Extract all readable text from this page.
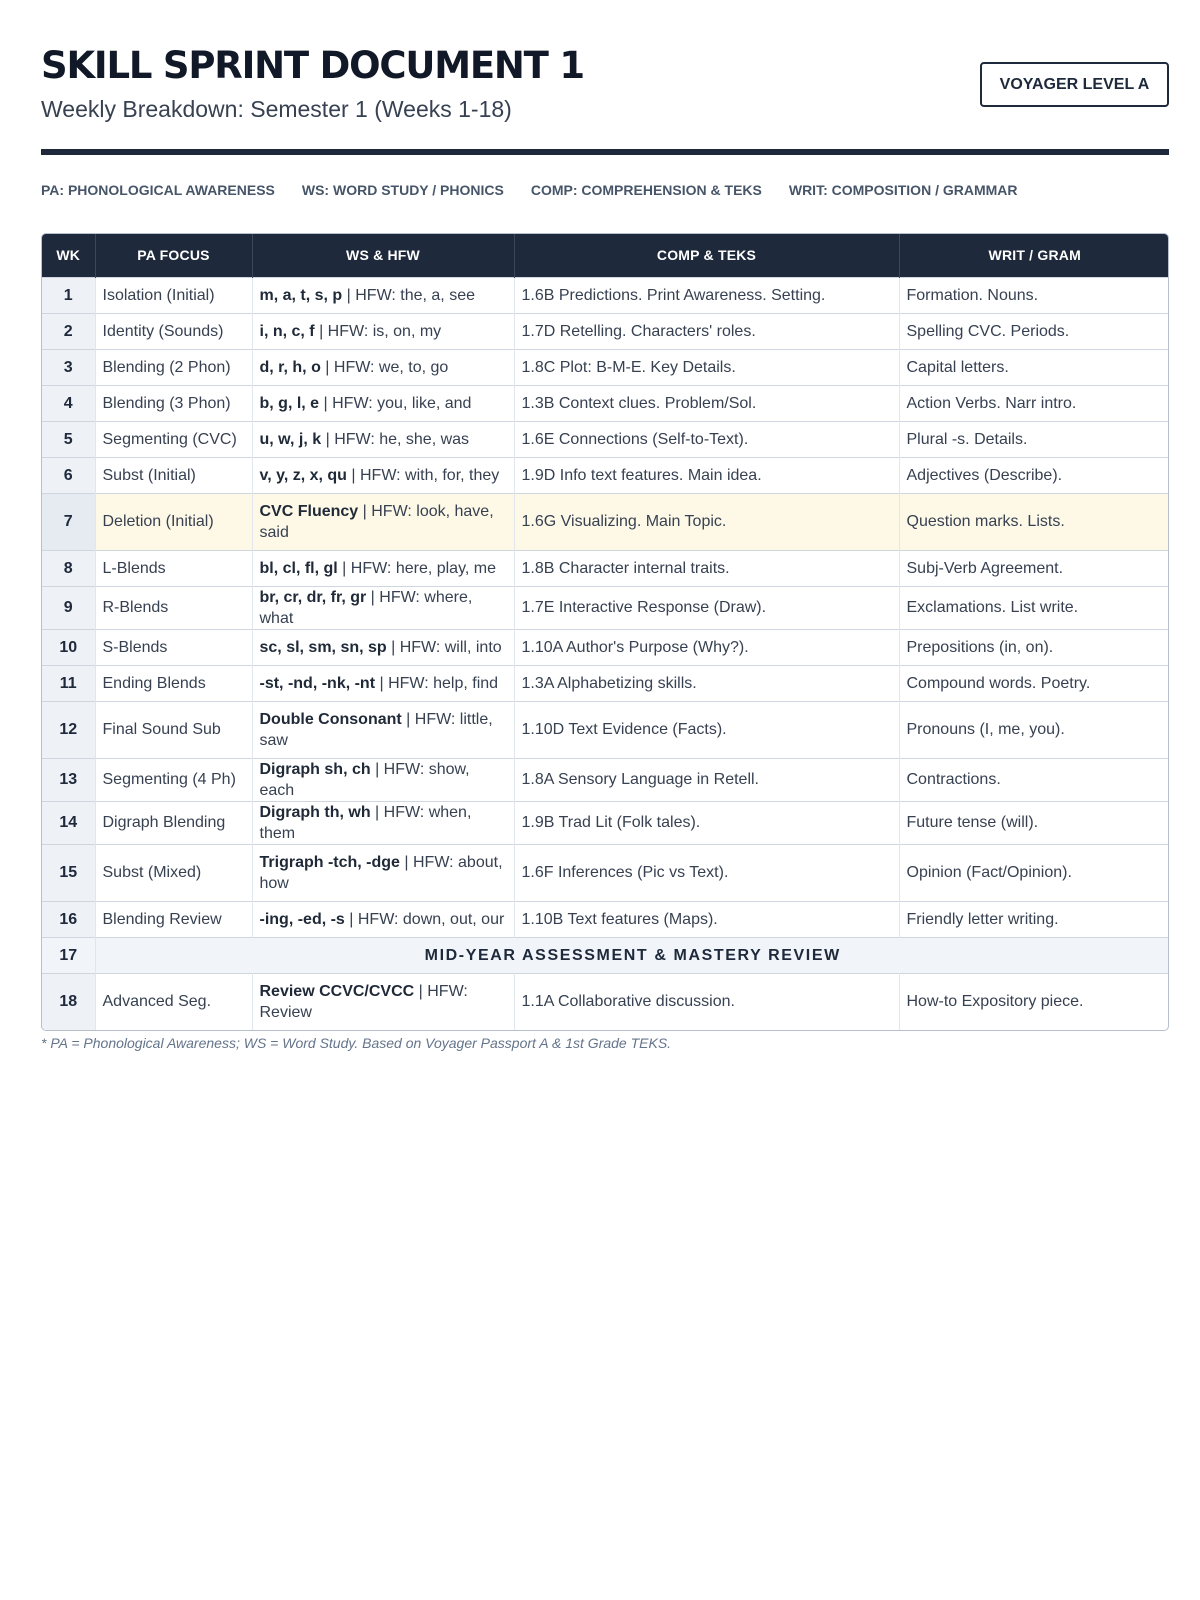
SKILL SPRINT DOCUMENT 1
Weekly Breakdown: Semester 1 (Weeks 1-18)
VOYAGER LEVEL A
PA: PHONOLOGICAL AWARENESS WS: WORD STUDY / PHONICS COMP: COMPREHENSION & TEKS WRIT: COMPOSITION / GRAMMAR
WK	PA FOCUS	WS & HFW	COMP & TEKS	WRIT / GRAM
1	Isolation (Initial)	m, a, t, s, p | HFW: the, a, see	1.6B Predictions. Print Awareness. Setting.	Formation. Nouns.
2	Identity (Sounds)	i, n, c, f | HFW: is, on, my	1.7D Retelling. Characters' roles.	Spelling CVC. Periods.
3	Blending (2 Phon)	d, r, h, o | HFW: we, to, go	1.8C Plot: B-M-E. Key Details.	Capital letters.
4	Blending (3 Phon)	b, g, l, e | HFW: you, like, and	1.3B Context clues. Problem/Sol.	Action Verbs. Narr intro.
5	Segmenting (CVC)	u, w, j, k | HFW: he, she, was	1.6E Connections (Self-to-Text).	Plural -s. Details.
6	Subst (Initial)	v, y, z, x, qu | HFW: with, for, they	1.9D Info text features. Main idea.	Adjectives (Describe).
7	Deletion (Initial)	CVC Fluency | HFW: look, have, said	1.6G Visualizing. Main Topic.	Question marks. Lists.
8	L-Blends	bl, cl, fl, gl | HFW: here, play, me	1.8B Character internal traits.	Subj-Verb Agreement.
9	R-Blends	br, cr, dr, fr, gr | HFW: where, what	1.7E Interactive Response (Draw).	Exclamations. List write.
10	S-Blends	sc, sl, sm, sn, sp | HFW: will, into	1.10A Author's Purpose (Why?).	Prepositions (in, on).
11	Ending Blends	-st, -nd, -nk, -nt | HFW: help, find	1.3A Alphabetizing skills.	Compound words. Poetry.
12	Final Sound Sub	Double Consonant | HFW: little, saw	1.10D Text Evidence (Facts).	Pronouns (I, me, you).
13	Segmenting (4 Ph)	Digraph sh, ch | HFW: show, each	1.8A Sensory Language in Retell.	Contractions.
14	Digraph Blending	Digraph th, wh | HFW: when, them	1.9B Trad Lit (Folk tales).	Future tense (will).
15	Subst (Mixed)	Trigraph -tch, -dge | HFW: about, how	1.6F Inferences (Pic vs Text).	Opinion (Fact/Opinion).
16	Blending Review	-ing, -ed, -s | HFW: down, out, our	1.10B Text features (Maps).	Friendly letter writing.
17	MID-YEAR ASSESSMENT & MASTERY REVIEW			
18	Advanced Seg.	Review CCVC/CVCC | HFW: Review	1.1A Collaborative discussion.	How-to Expository piece.
* PA = Phonological Awareness; WS = Word Study. Based on Voyager Passport A & 1st Grade TEKS.
